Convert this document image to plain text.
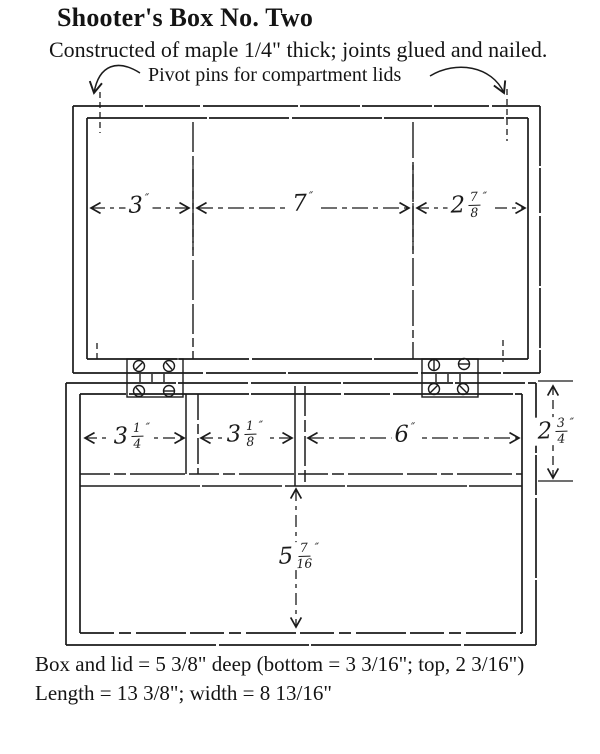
Shooter's Box No. Two
Constructed of maple 1/4" thick; joints glued and nailed.
Pivot pins for compartment lids
Box and lid = 5 3/8" deep (bottom = 3 3/16"; top, 2 3/16")
Length = 13 3/8"; width = 8 13/16"
3 ″	7 ″	$2 \frac{7}{8}$ ″
$3 \frac{1}{4}$ ″	$3 \frac{1}{8}$ ″	6 ″	$2 \frac{3}{4}$ ″
$5 \frac{7}{16}$ ″
